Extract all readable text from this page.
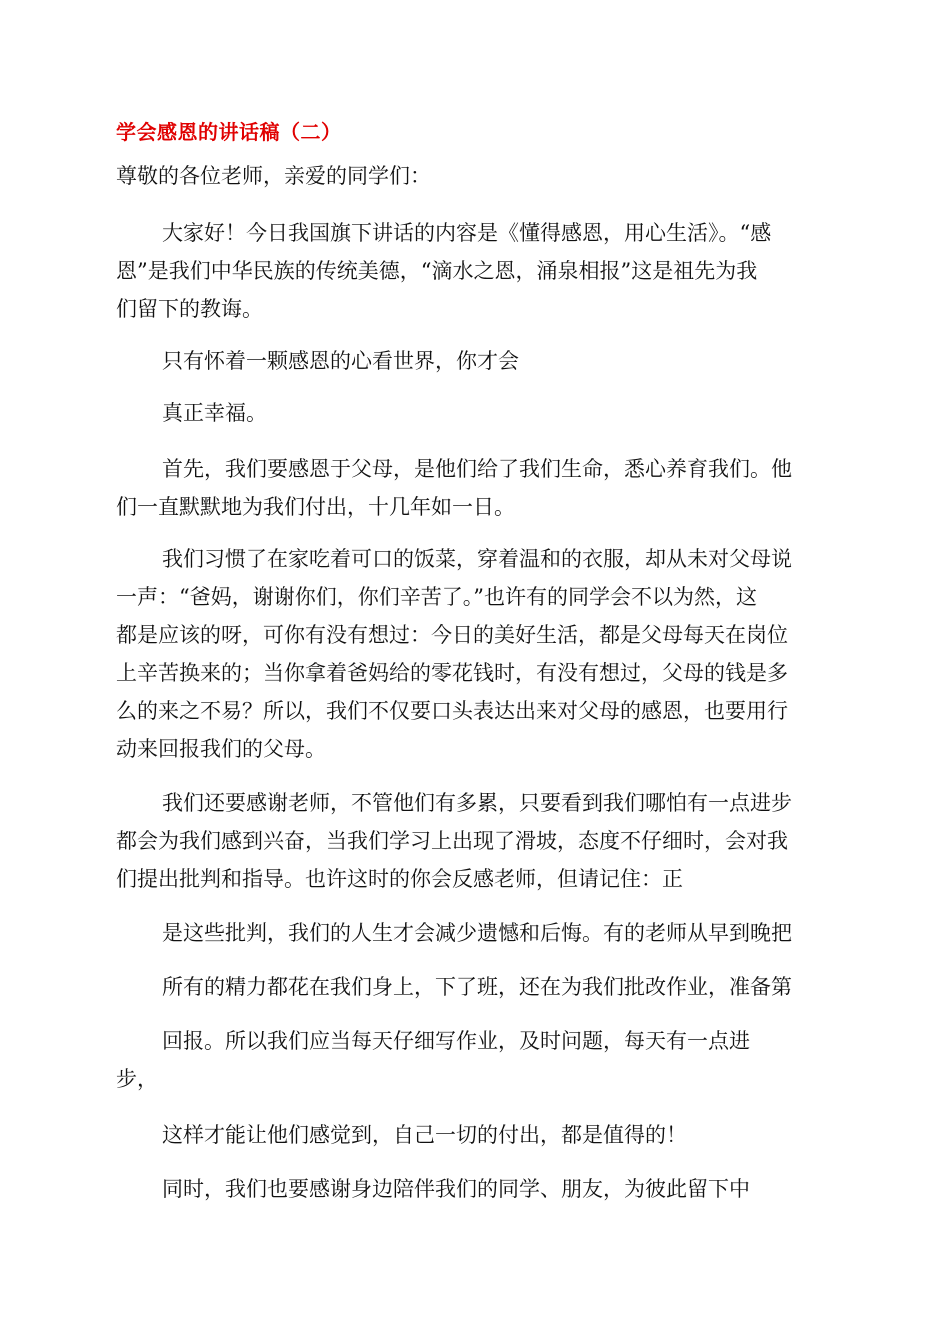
学会感恩的讲话稿（二）

尊敬的各位老师，亲爱的同学们：

大家好！今日我国旗下讲话的内容是《懂得感恩，用心生活》。“感
恩”是我们中华民族的传统美德，“滴水之恩，涌泉相报”这是祖先为我
们留下的教诲。

只有怀着一颗感恩的心看世界，你才会

真正幸福。

首先，我们要感恩于父母，是他们给了我们生命，悉心养育我们。他
们一直默默地为我们付出，十几年如一日。

我们习惯了在家吃着可口的饭菜，穿着温和的衣服，却从未对父母说
一声：“爸妈，谢谢你们，你们辛苦了。”也许有的同学会不以为然，这
都是应该的呀，可你有没有想过：今日的美好生活，都是父母每天在岗位
上辛苦换来的；当你拿着爸妈给的零花钱时，有没有想过，父母的钱是多
么的来之不易？所以，我们不仅要口头表达出来对父母的感恩，也要用行
动来回报我们的父母。

我们还要感谢老师，不管他们有多累，只要看到我们哪怕有一点进步
都会为我们感到兴奋，当我们学习上出现了滑坡，态度不仔细时，会对我
们提出批判和指导。也许这时的你会反感老师，但请记住：正

是这些批判，我们的人生才会减少遗憾和后悔。有的老师从早到晚把

所有的精力都花在我们身上，下了班，还在为我们批改作业，准备第

回报。所以我们应当每天仔细写作业，及时问题，每天有一点进
步，

这样才能让他们感觉到，自己一切的付出，都是值得的！

同时，我们也要感谢身边陪伴我们的同学、朋友，为彼此留下中
